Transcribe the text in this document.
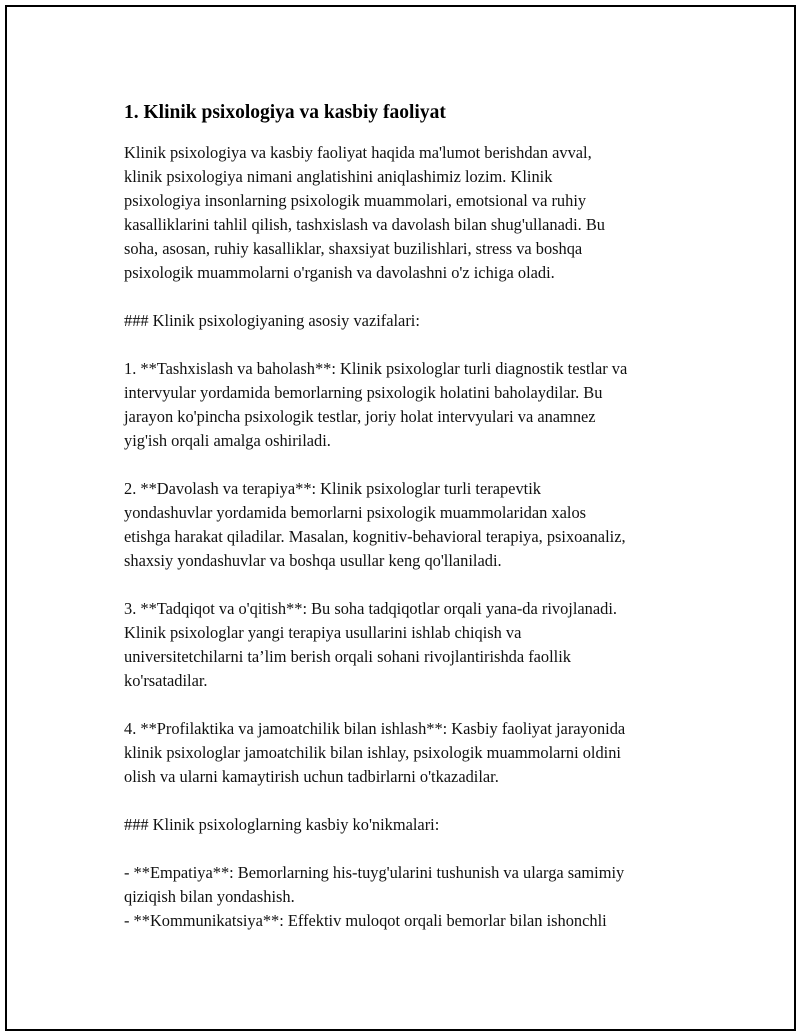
1. Klinik psixologiya va kasbiy faoliyat
Klinik psixologiya va kasbiy faoliyat haqida ma'lumot berishdan avval,
klinik psixologiya nimani anglatishini aniqlashimiz lozim. Klinik
psixologiya insonlarning psixologik muammolari, emotsional va ruhiy
kasalliklarini tahlil qilish, tashxislash va davolash bilan shug'ullanadi. Bu
soha, asosan, ruhiy kasalliklar, shaxsiyat buzilishlari, stress va boshqa
psixologik muammolarni o'rganish va davolashni o'z ichiga oladi.
### Klinik psixologiyaning asosiy vazifalari:
1. **Tashxislash va baholash**: Klinik psixologlar turli diagnostik testlar va
intervyular yordamida bemorlarning psixologik holatini baholaydilar. Bu
jarayon ko'pincha psixologik testlar, joriy holat intervyulari va anamnez
yig'ish orqali amalga oshiriladi.
2. **Davolash va terapiya**: Klinik psixologlar turli terapevtik
yondashuvlar yordamida bemorlarni psixologik muammolaridan xalos
etishga harakat qiladilar. Masalan, kognitiv-behavioral terapiya, psixoanaliz,
shaxsiy yondashuvlar va boshqa usullar keng qo'llaniladi.
3. **Tadqiqot va o'qitish**: Bu soha tadqiqotlar orqali yana-da rivojlanadi.
Klinik psixologlar yangi terapiya usullarini ishlab chiqish va
universitetchilarni ta’lim berish orqali sohani rivojlantirishda faollik
ko'rsatadilar.
4. **Profilaktika va jamoatchilik bilan ishlash**: Kasbiy faoliyat jarayonida
klinik psixologlar jamoatchilik bilan ishlay, psixologik muammolarni oldini
olish va ularni kamaytirish uchun tadbirlarni o'tkazadilar.
### Klinik psixologlarning kasbiy ko'nikmalari:
- **Empatiya**: Bemorlarning his-tuyg'ularini tushunish va ularga samimiy
qiziqish bilan yondashish.
- **Kommunikatsiya**: Effektiv muloqot orqali bemorlar bilan ishonchli
